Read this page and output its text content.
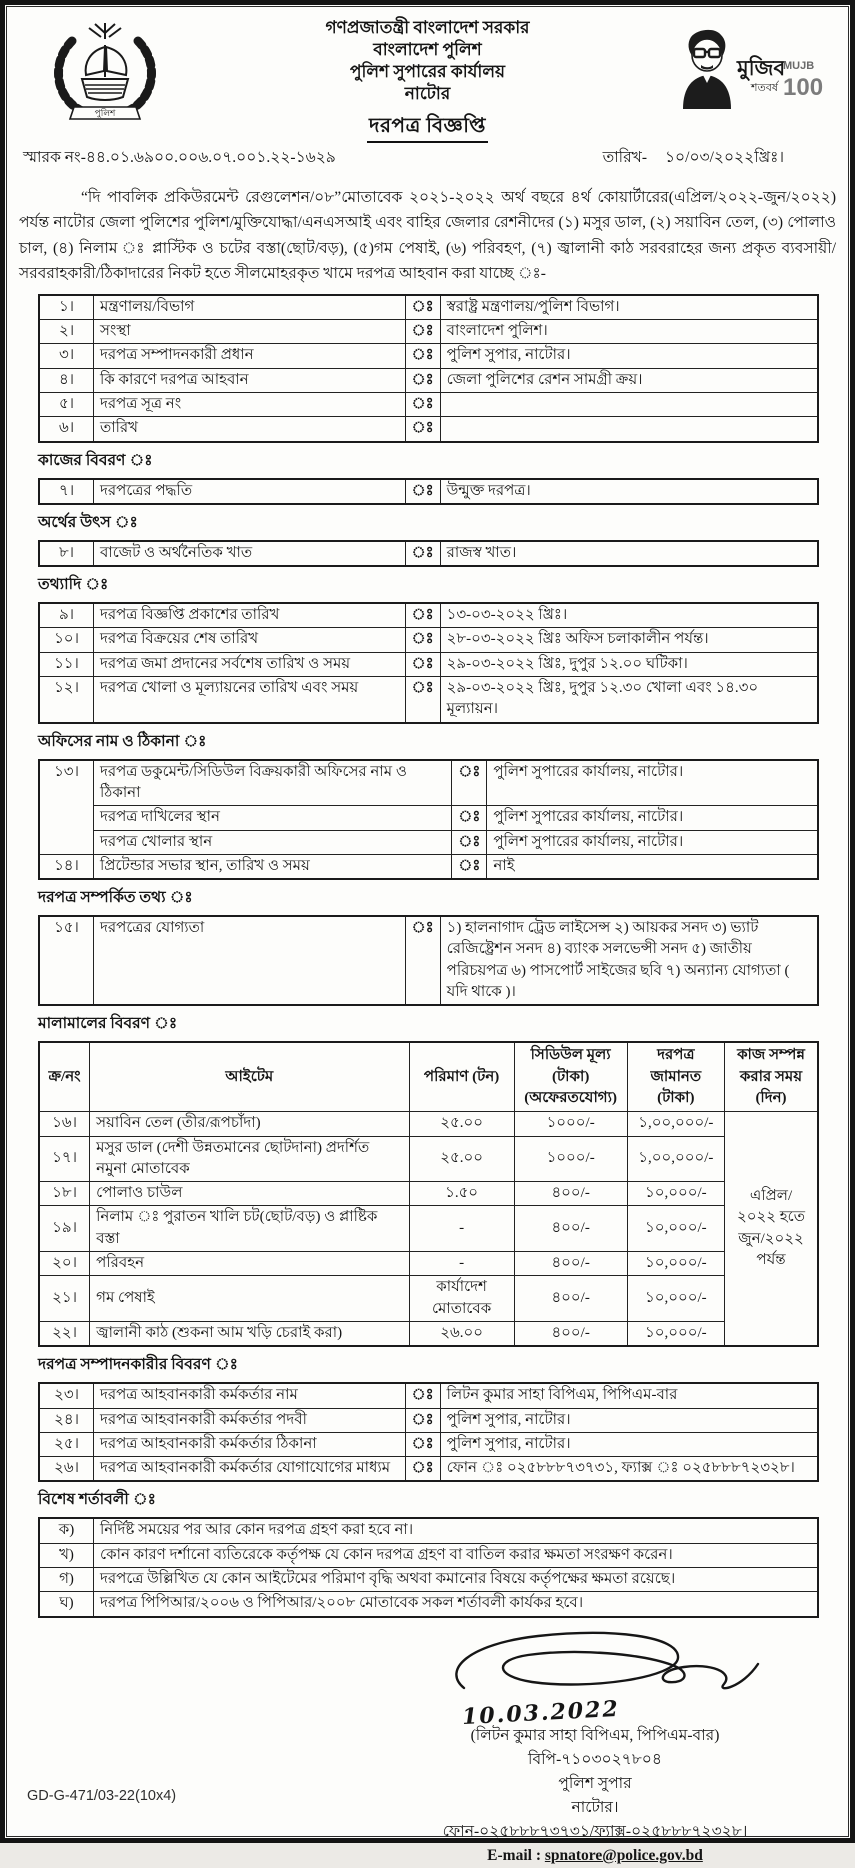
পুলিশ
গণপ্রজাতন্ত্রী বাংলাদেশ সরকার
বাংলাদেশ পুলিশ
পুলিশ সুপারের কার্যালয়
নাটোর
দরপত্র বিজ্ঞপ্তি
মুজিব
MUJB
শতবর্ষ 100
স্মারক নং-৪৪.০১.৬৯০০.০০৬.০৭.০০১.২২-১৬২৯	তারিখ- ১০/০৩/২০২২খ্রিঃ।

“দি পাবলিক প্রকিউরমেন্ট রেগুলেশন/০৮”মোতাবেক ২০২১-২০২২ অর্থ বছরে ৪র্থ কোয়ার্টারের(এপ্রিল/২০২২-জুন/২০২২) পর্যন্ত নাটোর জেলা পুলিশের পুলিশ/মুক্তিযোদ্ধা/এনএসআই এবং বাহির জেলার রেশনীদের (১) মসুর ডাল, (২) সয়াবিন তেল, (৩) পোলাও চাল, (৪) নিলাম ঃ প্লাস্টিক ও চটের বস্তা(ছোট/বড়), (৫)গম পেষাই, (৬) পরিবহণ, (৭) জ্বালানী কাঠ সরবরাহের জন্য প্রকৃত ব্যবসায়ী/সরবরাহকারী/ঠিকাদারের নিকট হতে সীলমোহরকৃত খামে দরপত্র আহবান করা যাচ্ছে ঃ-

১।	মন্ত্রণালয়/বিভাগ	ঃ	স্বরাষ্ট্র মন্ত্রণালয়/পুলিশ বিভাগ।
২।	সংস্থা	ঃ	বাংলাদেশ পুলিশ।
৩।	দরপত্র সম্পাদনকারী প্রধান	ঃ	পুলিশ সুপার, নাটোর।
৪।	কি কারণে দরপত্র আহবান	ঃ	জেলা পুলিশের রেশন সামগ্রী ক্রয়।
৫।	দরপত্র সূত্র নং	ঃ	
৬।	তারিখ	ঃ	
কাজের বিবরণ ঃ
৭।	দরপত্রের পদ্ধতি	ঃ	উন্মুক্ত দরপত্র।
অর্থের উৎস ঃ
৮।	বাজেট ও অর্থনৈতিক খাত	ঃ	রাজস্ব খাত।
তথ্যাদি ঃ
৯।	দরপত্র বিজ্ঞপ্তি প্রকাশের তারিখ	ঃ	১৩-০৩-২০২২ খ্রিঃ।
১০।	দরপত্র বিক্রয়ের শেষ তারিখ	ঃ	২৮-০৩-২০২২ খ্রিঃ অফিস চলাকালীন পর্যন্ত।
১১।	দরপত্র জমা প্রদানের সর্বশেষ তারিখ ও সময়	ঃ	২৯-০৩-২০২২ খ্রিঃ, দুপুর ১২.০০ ঘটিকা।
১২।	দরপত্র খোলা ও মূল্যায়নের তারিখ এবং সময়	ঃ	২৯-০৩-২০২২ খ্রিঃ, দুপুর ১২.৩০ খোলা এবং ১৪.৩০ মূল্যায়ন।
অফিসের নাম ও ঠিকানা ঃ
১৩।	দরপত্র ডকুমেন্ট/সিডিউল বিক্রয়কারী অফিসের নাম ও ঠিকানা	ঃ	পুলিশ সুপারের কার্যালয়, নাটোর।
	দরপত্র দাখিলের স্থান	ঃ	পুলিশ সুপারের কার্যালয়, নাটোর।
	দরপত্র খোলার স্থান	ঃ	পুলিশ সুপারের কার্যালয়, নাটোর।
১৪।	প্রিটেন্ডার সভার স্থান, তারিখ ও সময়	ঃ	নাই
দরপত্র সম্পর্কিত তথ্য ঃ
১৫।	দরপত্রের যোগ্যতা	ঃ	১) হালনাগাদ ট্রেড লাইসেন্স ২) আয়কর সনদ ৩) ভ্যাট রেজিষ্ট্রেশন সনদ ৪) ব্যাংক সলভেন্সী সনদ ৫) জাতীয় পরিচয়পত্র ৬) পাসপোর্ট সাইজের ছবি ৭) অন্যান্য যোগ্যতা ( যদি থাকে )।
মালামালের বিবরণ ঃ
ক্র/নং	আইটেম	পরিমাণ (টন)	সিডিউল মূল্য (টাকা) (অফেরতযোগ্য)	দরপত্র জামানত (টাকা)	কাজ সম্পন্ন করার সময় (দিন)
১৬।	সয়াবিন তেল (তীর/রূপচাঁদা)	২৫.০০	১০০০/-	১,০০,০০০/-	এপ্রিল/২০২২ হতে জুন/২০২২ পর্যন্ত
১৭।	মসুর ডাল (দেশী উন্নতমানের ছোটদানা) প্রদর্শিত নমুনা মোতাবেক	২৫.০০	১০০০/-	১,০০,০০০/-	
১৮।	পোলাও চাউল	১.৫০	৪০০/-	১০,০০০/-	
১৯।	নিলাম ঃ পুরাতন খালি চট(ছোট/বড়) ও প্লাষ্টিক বস্তা	-	৪০০/-	১০,০০০/-	
২০।	পরিবহন	-	৪০০/-	১০,০০০/-	
২১।	গম পেষাই	কার্যাদেশ মোতাবেক	৪০০/-	১০,০০০/-	
২২।	জ্বালানী কাঠ (শুকনা আম খড়ি চেরাই করা)	২৬.০০	৪০০/-	১০,০০০/-	
দরপত্র সম্পাদনকারীর বিবরণ ঃ
২৩।	দরপত্র আহবানকারী কর্মকর্তার নাম	ঃ	লিটন কুমার সাহা বিপিএম, পিপিএম-বার
২৪।	দরপত্র আহবানকারী কর্মকর্তার পদবী	ঃ	পুলিশ সুপার, নাটোর।
২৫।	দরপত্র আহবানকারী কর্মকর্তার ঠিকানা	ঃ	পুলিশ সুপার, নাটোর।
২৬।	দরপত্র আহবানকারী কর্মকর্তার যোগাযোগের মাধ্যম	ঃ	ফোন ঃ ০২৫৮৮৮৭৩৭৩১, ফ্যাক্স ঃ ০২৫৮৮৮৭২৩২৮।
বিশেষ শর্তাবলী ঃ
ক)	নির্দিষ্ট সময়ের পর আর কোন দরপত্র গ্রহণ করা হবে না।
খ)	কোন কারণ দর্শানো ব্যতিরেকে কর্তৃপক্ষ যে কোন দরপত্র গ্রহণ বা বাতিল করার ক্ষমতা সংরক্ষণ করেন।
গ)	দরপত্রে উল্লিখিত যে কোন আইটেমের পরিমাণ বৃদ্ধি অথবা কমানোর বিষয়ে কর্তৃপক্ষের ক্ষমতা রয়েছে।
ঘ)	দরপত্র পিপিআর/২০০৬ ও পিপিআর/২০০৮ মোতাবেক সকল শর্তাবলী কার্যকর হবে।
10.03.2022
(লিটন কুমার সাহা বিপিএম, পিপিএম-বার)
বিপি-৭১০৩০২৭৮০৪
পুলিশ সুপার
নাটোর।
ফোন-০২৫৮৮৮৭৩৭৩১/ফ্যাক্স-০২৫৮৮৮৭২৩২৮।
E-mail : spnatore@police.gov.bd
GD-G-471/03-22(10x4)
